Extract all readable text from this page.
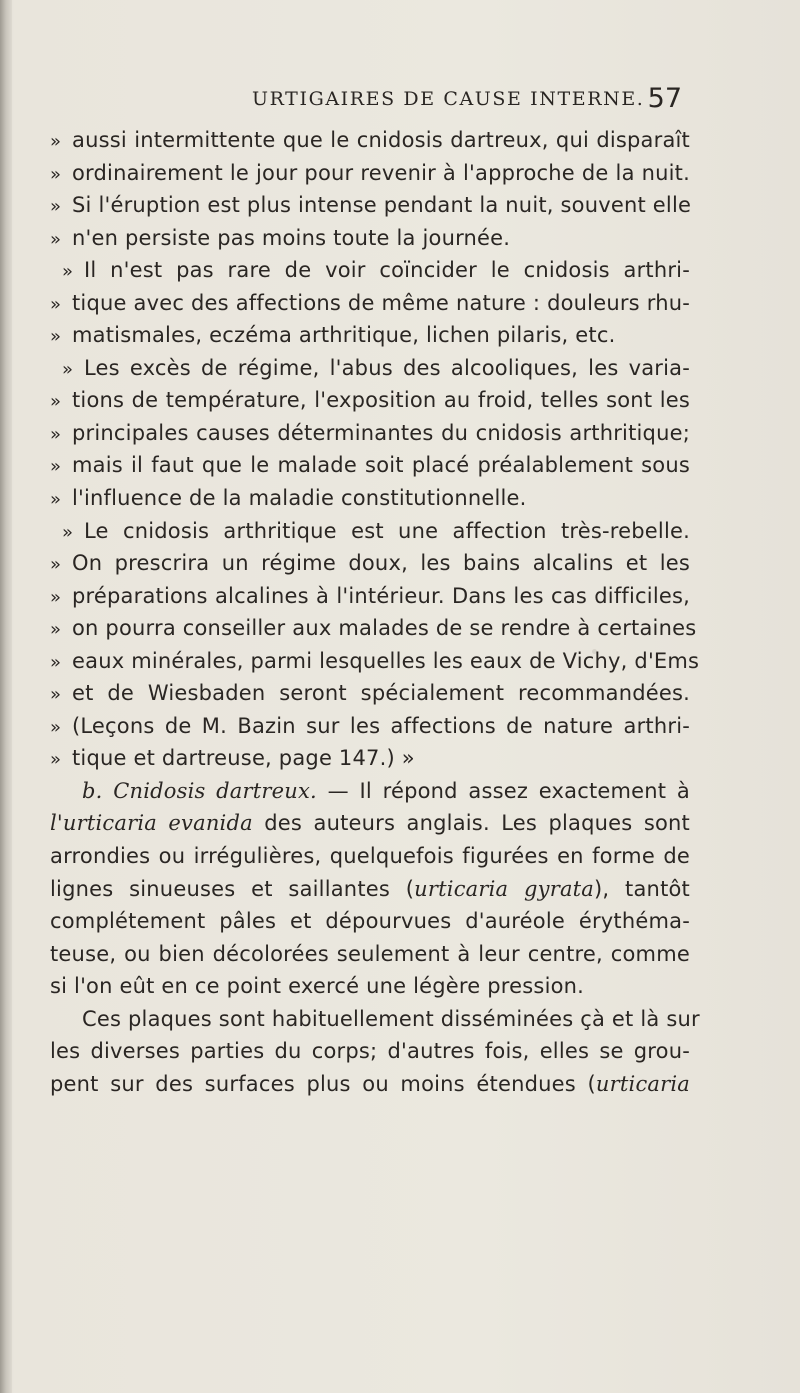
URTIGAIRES DE CAUSE INTERNE. 57
» aussi intermittente que le cnidosis dartreux, qui disparaît
» ordinairement le jour pour revenir à l'approche de la nuit.
» Si l'éruption est plus intense pendant la nuit, souvent elle
» n'en persiste pas moins toute la journée.
» Il n'est pas rare de voir coïncider le cnidosis arthri-
» tique avec des affections de même nature : douleurs rhu-
» matismales, eczéma arthritique, lichen pilaris, etc.
» Les excès de régime, l'abus des alcooliques, les varia-
» tions de température, l'exposition au froid, telles sont les
» principales causes déterminantes du cnidosis arthritique;
» mais il faut que le malade soit placé préalablement sous
» l'influence de la maladie constitutionnelle.
» Le cnidosis arthritique est une affection très-rebelle.
» On prescrira un régime doux, les bains alcalins et les
» préparations alcalines à l'intérieur. Dans les cas difficiles,
» on pourra conseiller aux malades de se rendre à certaines
» eaux minérales, parmi lesquelles les eaux de Vichy, d'Ems
» et de Wiesbaden seront spécialement recommandées.
» (Leçons de M. Bazin sur les affections de nature arthri-
» tique et dartreuse, page 147.) »
b. Cnidosis dartreux. — Il répond assez exactement à
l'urticaria evanida des auteurs anglais. Les plaques sont
arrondies ou irrégulières, quelquefois figurées en forme de
lignes sinueuses et saillantes (urticaria gyrata), tantôt
complétement pâles et dépourvues d'auréole érythéma-
teuse, ou bien décolorées seulement à leur centre, comme
si l'on eût en ce point exercé une légère pression.
Ces plaques sont habituellement disséminées çà et là sur
les diverses parties du corps; d'autres fois, elles se grou-
pent sur des surfaces plus ou moins étendues (urticaria
